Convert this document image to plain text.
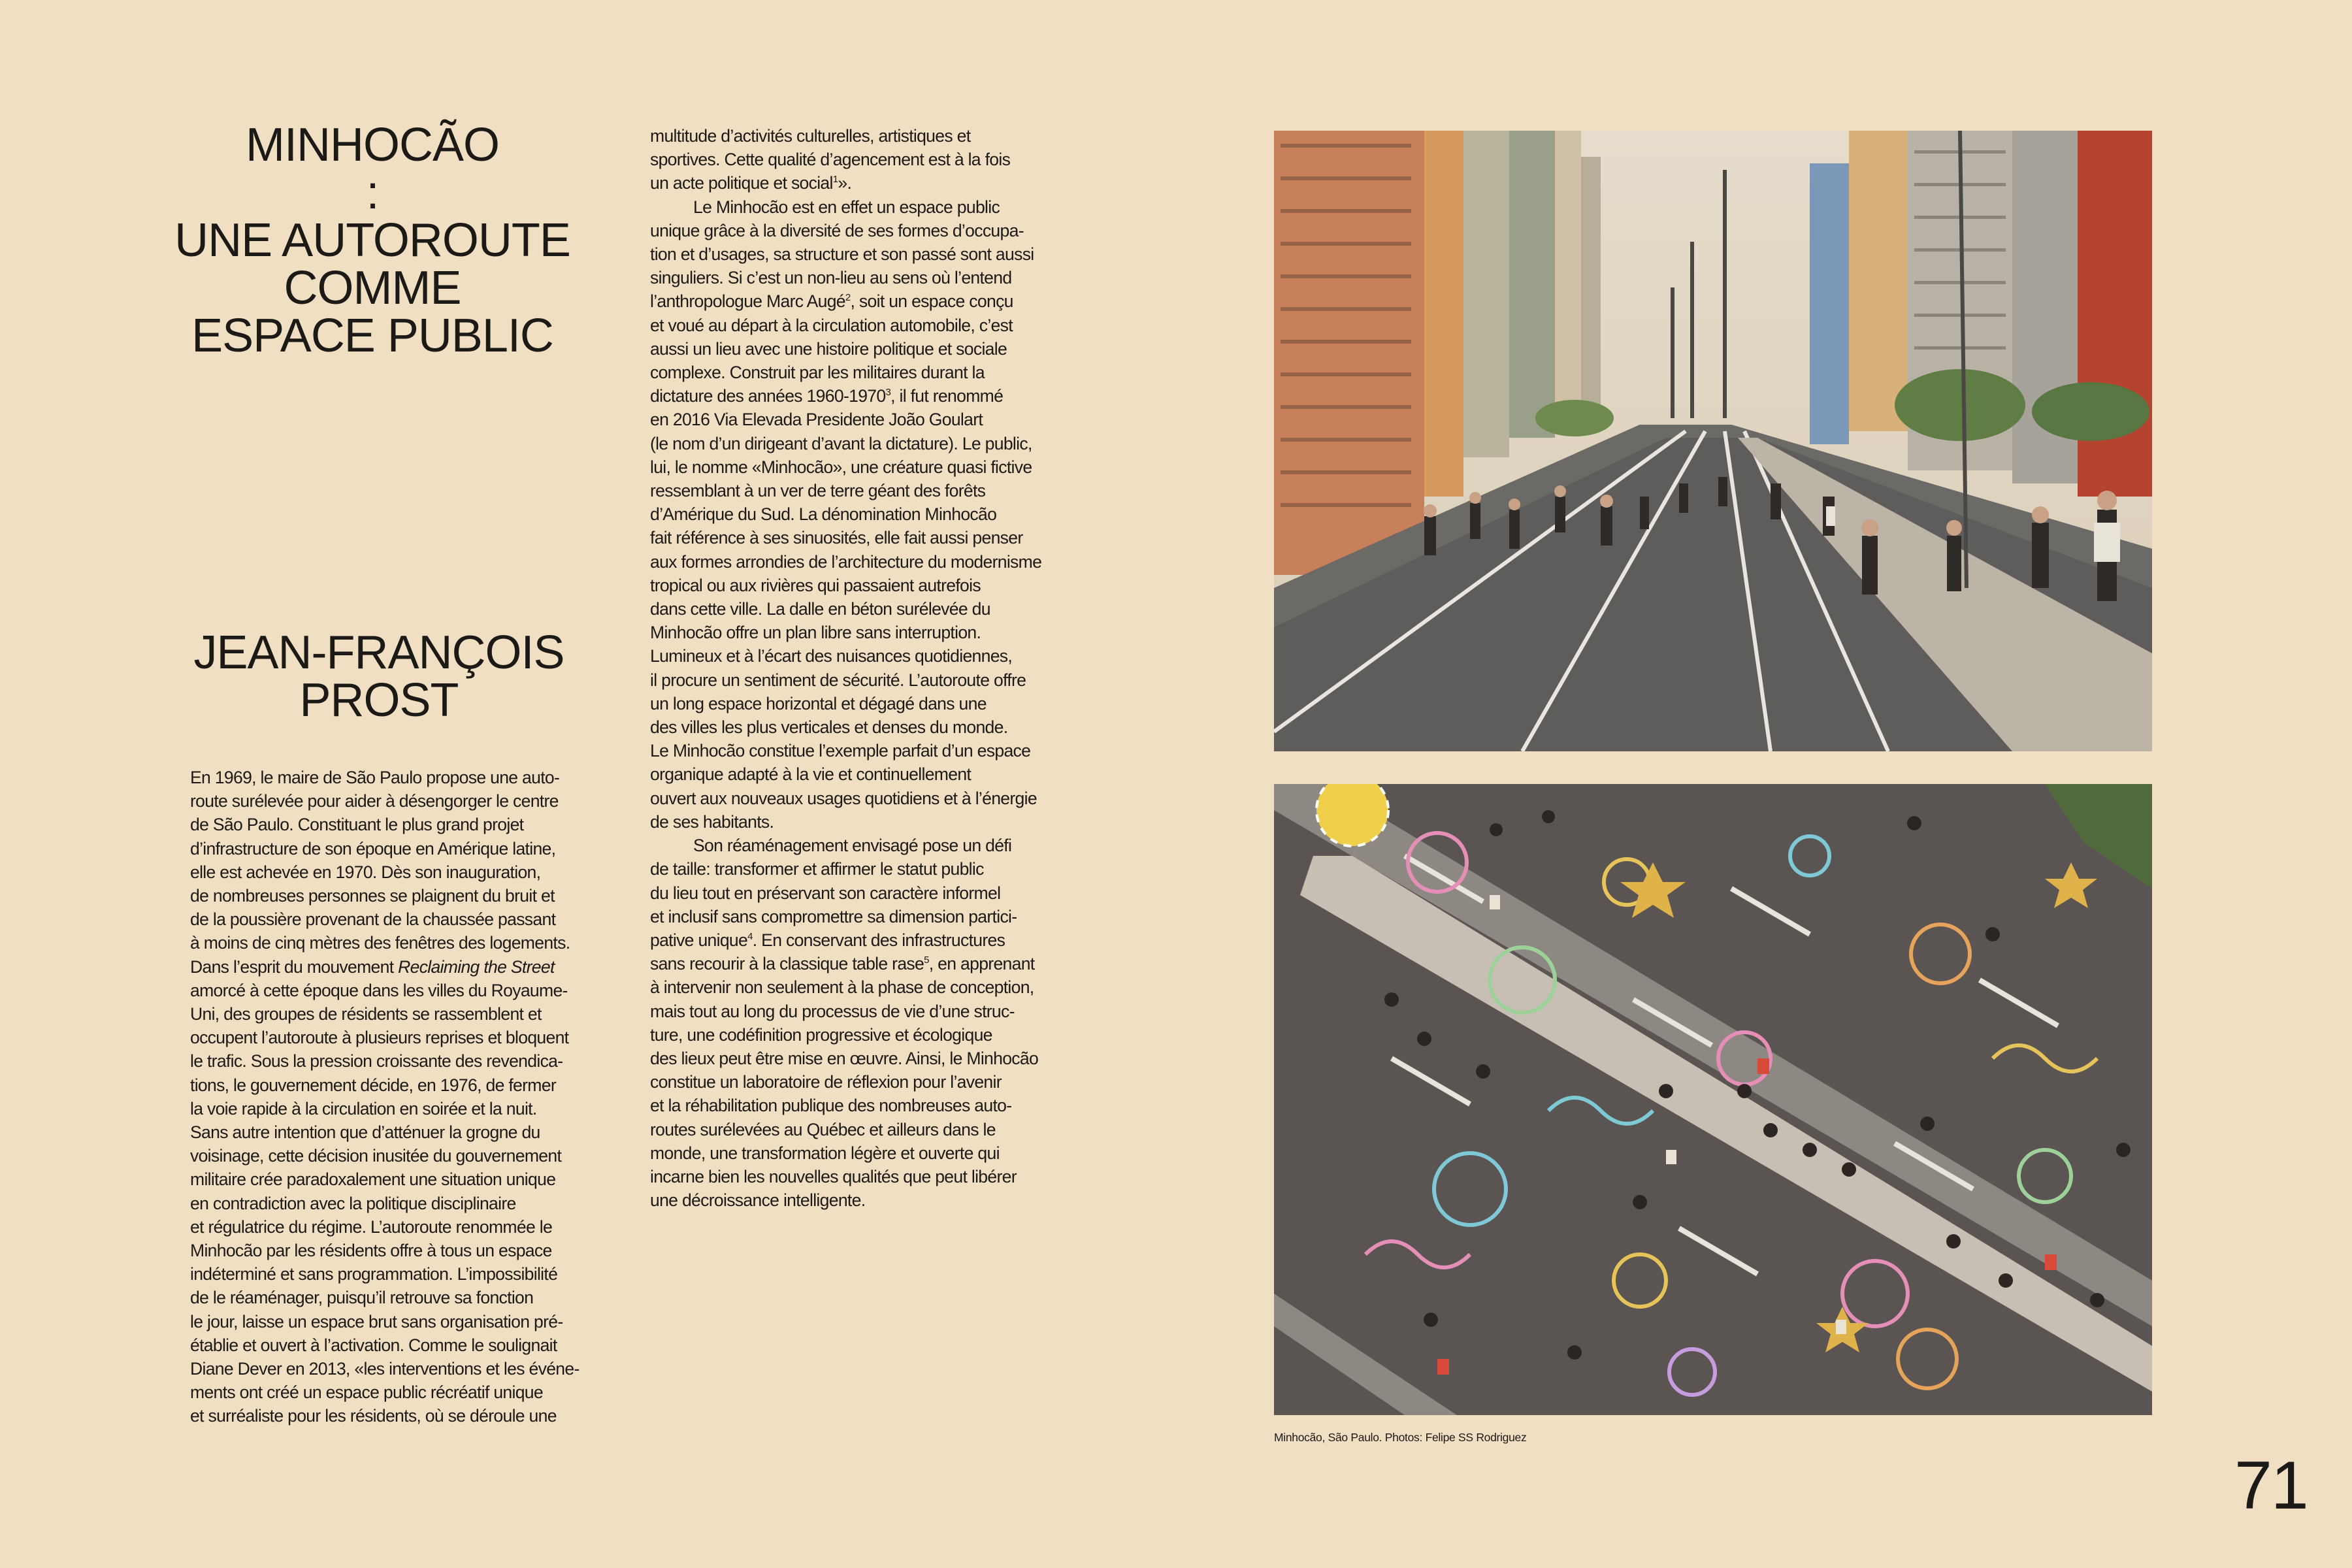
MINHOCÃO
:
UNE AUTOROUTE
COMME
ESPACE PUBLIC
JEAN-FRANÇOIS
PROST
En 1969, le maire de São Paulo propose une auto-
route surélevée pour aider à désengorger le centre
de São Paulo. Constituant le plus grand projet
d’infrastructure de son époque en Amérique latine,
elle est achevée en 1970. Dès son inauguration,
de nombreuses personnes se plaignent du bruit et
de la poussière provenant de la chaussée passant
à moins de cinq mètres des fenêtres des logements.
Dans l’esprit du mouvement Reclaiming the Street
amorcé à cette époque dans les villes du Royaume-
Uni, des groupes de résidents se rassemblent et
occupent l’autoroute à plusieurs reprises et bloquent
le trafic. Sous la pression croissante des revendica-
tions, le gouvernement décide, en 1976, de fermer
la voie rapide à la circulation en soirée et la nuit.
Sans autre intention que d’atténuer la grogne du
voisinage, cette décision inusitée du gouvernement
militaire crée paradoxalement une situation unique
en contradiction avec la politique disciplinaire
et régulatrice du régime. L’autoroute renommée le
Minhocão par les résidents offre à tous un espace
indéterminé et sans programmation. L’impossibilité
de le réaménager, puisqu’il retrouve sa fonction
le jour, laisse un espace brut sans organisation pré-
établie et ouvert à l’activation. Comme le soulignait
Diane Dever en 2013, «les interventions et les événe-
ments ont créé un espace public récréatif unique
et surréaliste pour les résidents, où se déroule une
multitude d’activités culturelles, artistiques et
sportives. Cette qualité d’agencement est à la fois
un acte politique et social$^1$».
Le Minhocão est en effet un espace public
unique grâce à la diversité de ses formes d’occupa-
tion et d’usages, sa structure et son passé sont aussi
singuliers. Si c’est un non-lieu au sens où l’entend
l’anthropologue Marc Augé$^2$, soit un espace conçu
et voué au départ à la circulation automobile, c’est
aussi un lieu avec une histoire politique et sociale
complexe. Construit par les militaires durant la
dictature des années 1960-1970$^3$, il fut renommé
en 2016 Via Elevada Presidente João Goulart
(le nom d’un dirigeant d’avant la dictature). Le public,
lui, le nomme «Minhocão», une créature quasi fictive
ressemblant à un ver de terre géant des forêts
d’Amérique du Sud. La dénomination Minhocão
fait référence à ses sinuosités, elle fait aussi penser
aux formes arrondies de l’architecture du modernisme
tropical ou aux rivières qui passaient autrefois
dans cette ville. La dalle en béton surélevée du
Minhocão offre un plan libre sans interruption.
Lumineux et à l’écart des nuisances quotidiennes,
il procure un sentiment de sécurité. L’autoroute offre
un long espace horizontal et dégagé dans une
des villes les plus verticales et denses du monde.
Le Minhocão constitue l’exemple parfait d’un espace
organique adapté à la vie et continuellement
ouvert aux nouveaux usages quotidiens et à l’énergie
de ses habitants.
Son réaménagement envisagé pose un défi
de taille: transformer et affirmer le statut public
du lieu tout en préservant son caractère informel
et inclusif sans compromettre sa dimension partici-
pative unique$^4$. En conservant des infrastructures
sans recourir à la classique table rase$^5$, en apprenant
à intervenir non seulement à la phase de conception,
mais tout au long du processus de vie d’une struc-
ture, une codéfinition progressive et écologique
des lieux peut être mise en œuvre. Ainsi, le Minhocão
constitue un laboratoire de réflexion pour l’avenir
et la réhabilitation publique des nombreuses auto-
routes surélevées au Québec et ailleurs dans le
monde, une transformation légère et ouverte qui
incarne bien les nouvelles qualités que peut libérer
une décroissance intelligente.
Minhocão, São Paulo. Photos: Felipe SS Rodriguez
71
